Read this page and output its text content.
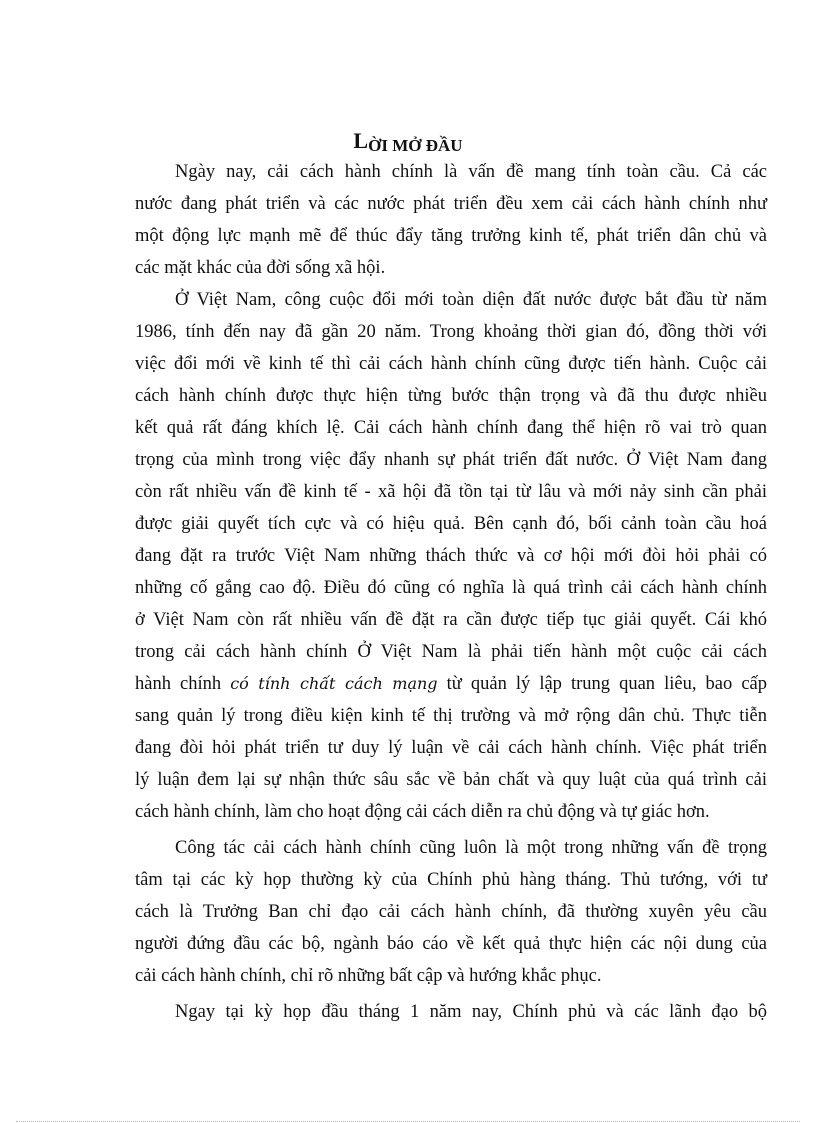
LỜI MỞ ĐẦU
Ngày nay, cải cách hành chính là vấn đề mang tính toàn cầu. Cả các
nước đang phát triển và các nước phát triển đều xem cải cách hành chính như
một động lực mạnh mẽ để thúc đẩy tăng trưởng kinh tế, phát triển dân chủ và
các mặt khác của đời sống xã hội.
Ở Việt Nam, công cuộc đổi mới toàn diện đất nước được bắt đầu từ năm
1986, tính đến nay đã gần 20 năm. Trong khoảng thời gian đó, đồng thời với
việc đổi mới về kinh tế thì cải cách hành chính cũng được tiến hành. Cuộc cải
cách hành chính được thực hiện từng bước thận trọng và đã thu được nhiều
kết quả rất đáng khích lệ. Cải cách hành chính đang thể hiện rõ vai trò quan
trọng của mình trong việc đẩy nhanh sự phát triển đất nước. Ở Việt Nam đang
còn rất nhiều vấn đề kinh tế - xã hội đã tồn tại từ lâu và mới nảy sinh cần phải
được giải quyết tích cực và có hiệu quả. Bên cạnh đó, bối cảnh toàn cầu hoá
đang đặt ra trước Việt Nam những thách thức và cơ hội mới đòi hỏi phải có
những cố gắng cao độ. Điều đó cũng có nghĩa là quá trình cải cách hành chính
ở Việt Nam còn rất nhiều vấn đề đặt ra cần được tiếp tục giải quyết. Cái khó
trong cải cách hành chính Ở Việt Nam là phải tiến hành một cuộc cải cách
hành chính có tính chất cách mạng từ quản lý lập trung quan liêu, bao cấp
sang quản lý trong điều kiện kinh tế thị trường và mở rộng dân chủ. Thực tiễn
đang đòi hỏi phát triển tư duy lý luận về cải cách hành chính. Việc phát triển
lý luận đem lại sự nhận thức sâu sắc về bản chất và quy luật của quá trình cải
cách hành chính, làm cho hoạt động cải cách diễn ra chủ động và tự giác hơn.
Công tác cải cách hành chính cũng luôn là một trong những vấn đề trọng
tâm tại các kỳ họp thường kỳ của Chính phủ hàng tháng. Thủ tướng, với tư
cách là Trưởng Ban chỉ đạo cải cách hành chính, đã thường xuyên yêu cầu
người đứng đầu các bộ, ngành báo cáo về kết quả thực hiện các nội dung của
cải cách hành chính, chỉ rõ những bất cập và hướng khắc phục.
Ngay tại kỳ họp đầu tháng 1 năm nay, Chính phủ và các lãnh đạo bộ
